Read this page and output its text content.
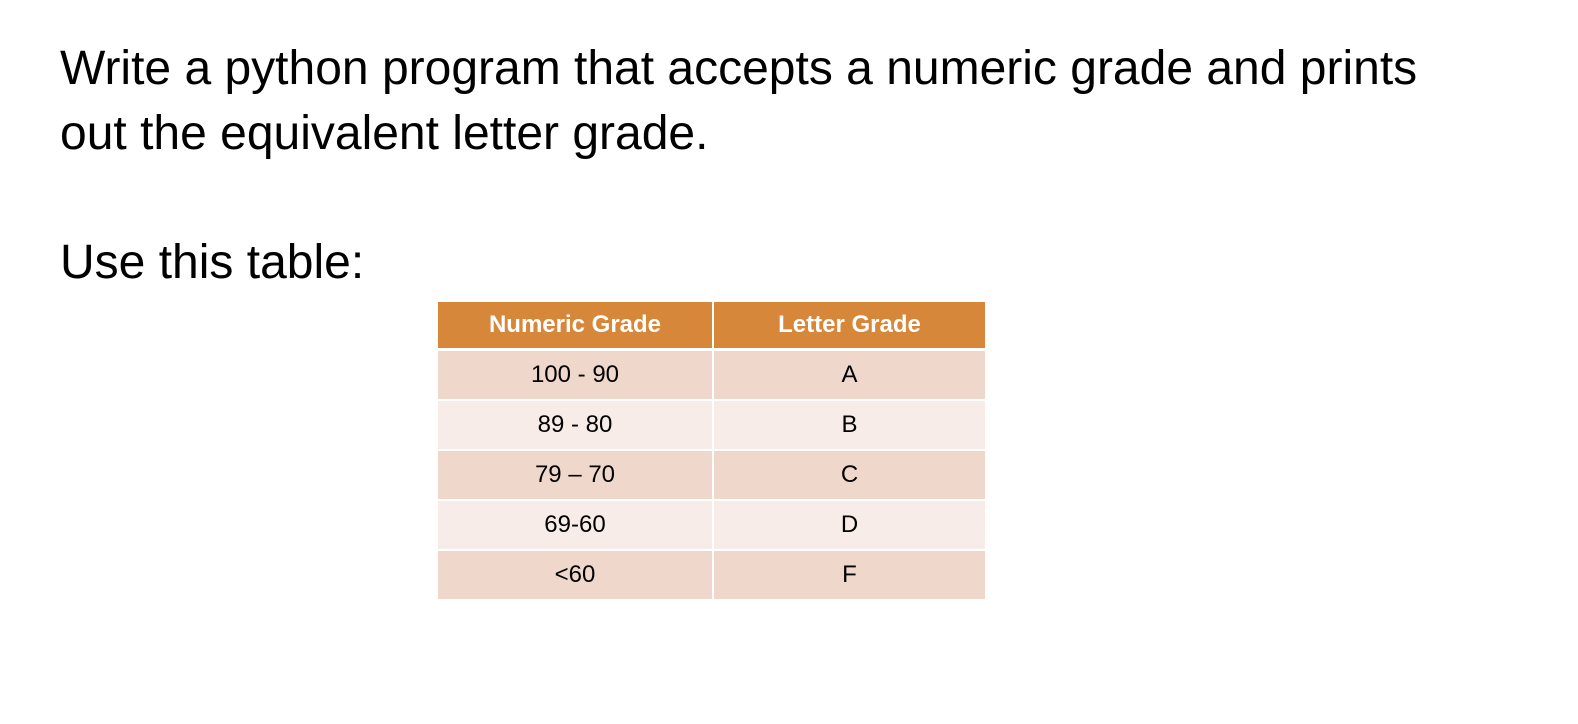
Write a python program that accepts a numeric grade and prints
out the equivalent letter grade.

Use this table:

Numeric Grade	Letter Grade
100 - 90	A
89 - 80	B
79 – 70	C
69-60	D
<60	F
